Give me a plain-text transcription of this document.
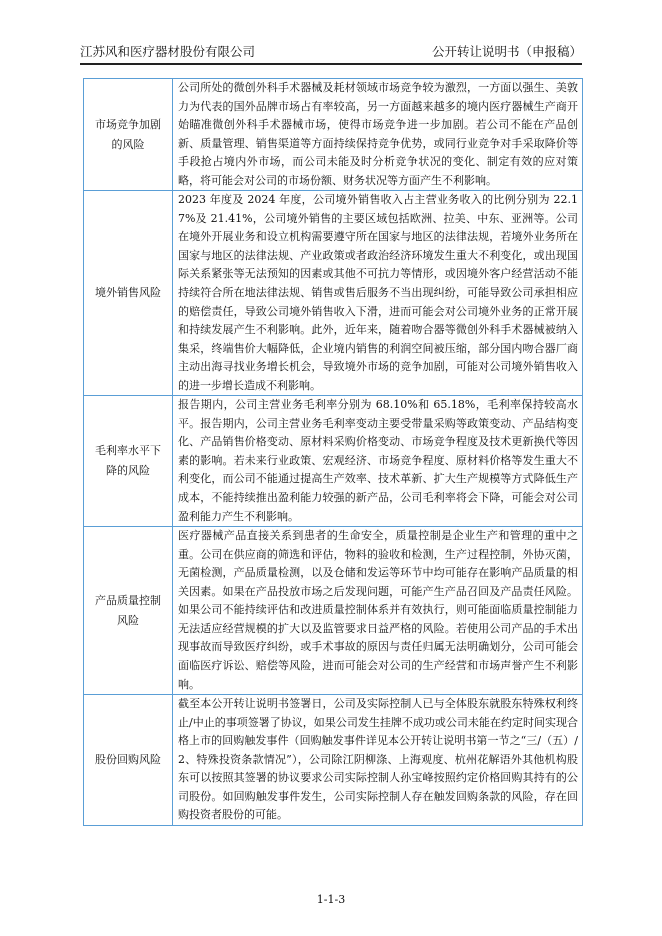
江苏风和医疗器材股份有限公司	公开转让说明书（申报稿）
市场竞争加剧的风险	公司所处的微创外科手术器械及耗材领域市场竞争较为激烈，一方面以强生、美敦力为代表的国外品牌市场占有率较高，另一方面越来越多的境内医疗器械生产商开始瞄准微创外科手术器械市场，使得市场竞争进一步加剧。若公司不能在产品创新、质量管理、销售渠道等方面持续保持竞争优势，或同行业竞争对手采取降价等手段抢占境内外市场，而公司未能及时分析竞争状况的变化、制定有效的应对策略，将可能会对公司的市场份额、财务状况等方面产生不利影响。
境外销售风险	2023 年度及 2024 年度，公司境外销售收入占主营业务收入的比例分别为 22.17%及 21.41%，公司境外销售的主要区域包括欧洲、拉美、中东、亚洲等。公司在境外开展业务和设立机构需要遵守所在国家与地区的法律法规，若境外业务所在国家与地区的法律法规、产业政策或者政治经济环境发生重大不利变化，或出现国际关系紧张等无法预知的因素或其他不可抗力等情形，或因境外客户经营活动不能持续符合所在地法律法规、销售或售后服务不当出现纠纷，可能导致公司承担相应的赔偿责任，导致公司境外销售收入下滑，进而可能会对公司境外业务的正常开展和持续发展产生不利影响。此外，近年来，随着吻合器等微创外科手术器械被纳入集采，终端售价大幅降低，企业境内销售的利润空间被压缩，部分国内吻合器厂商主动出海寻找业务增长机会，导致境外市场的竞争加剧，可能对公司境外销售收入的进一步增长造成不利影响。
毛利率水平下降的风险	报告期内，公司主营业务毛利率分别为 68.10%和 65.18%，毛利率保持较高水平。报告期内，公司主营业务毛利率变动主要受带量采购等政策变动、产品结构变化、产品销售价格变动、原材料采购价格变动、市场竞争程度及技术更新换代等因素的影响。若未来行业政策、宏观经济、市场竞争程度、原材料价格等发生重大不利变化，而公司不能通过提高生产效率、技术革新、扩大生产规模等方式降低生产成本，不能持续推出盈利能力较强的新产品，公司毛利率将会下降，可能会对公司盈利能力产生不利影响。
产品质量控制风险	医疗器械产品直接关系到患者的生命安全，质量控制是企业生产和管理的重中之重。公司在供应商的筛选和评估，物料的验收和检测，生产过程控制，外协灭菌，无菌检测，产品质量检测，以及仓储和发运等环节中均可能存在影响产品质量的相关因素。如果在产品投放市场之后发现问题，可能产生产品召回及产品责任风险。如果公司不能持续评估和改进质量控制体系并有效执行，则可能面临质量控制能力无法适应经营规模的扩大以及监管要求日益严格的风险。若使用公司产品的手术出现事故而导致医疗纠纷，或手术事故的原因与责任归属无法明确划分，公司可能会面临医疗诉讼、赔偿等风险，进而可能会对公司的生产经营和市场声誉产生不利影响。
股份回购风险	截至本公开转让说明书签署日，公司及实际控制人已与全体股东就股东特殊权利终止/中止的事项签署了协议，如果公司发生挂牌不成功或公司未能在约定时间实现合格上市的回购触发事件（回购触发事件详见本公开转让说明书第一节之“三/（五）/2、特殊投资条款情况”），公司除江阴柳涤、上海观度、杭州花解语外其他机构股东可以按照其签署的协议要求公司实际控制人孙宝峰按照约定价格回购其持有的公司股份。如回购触发事件发生，公司实际控制人存在触发回购条款的风险，存在回购投资者股份的可能。
1-1-3
